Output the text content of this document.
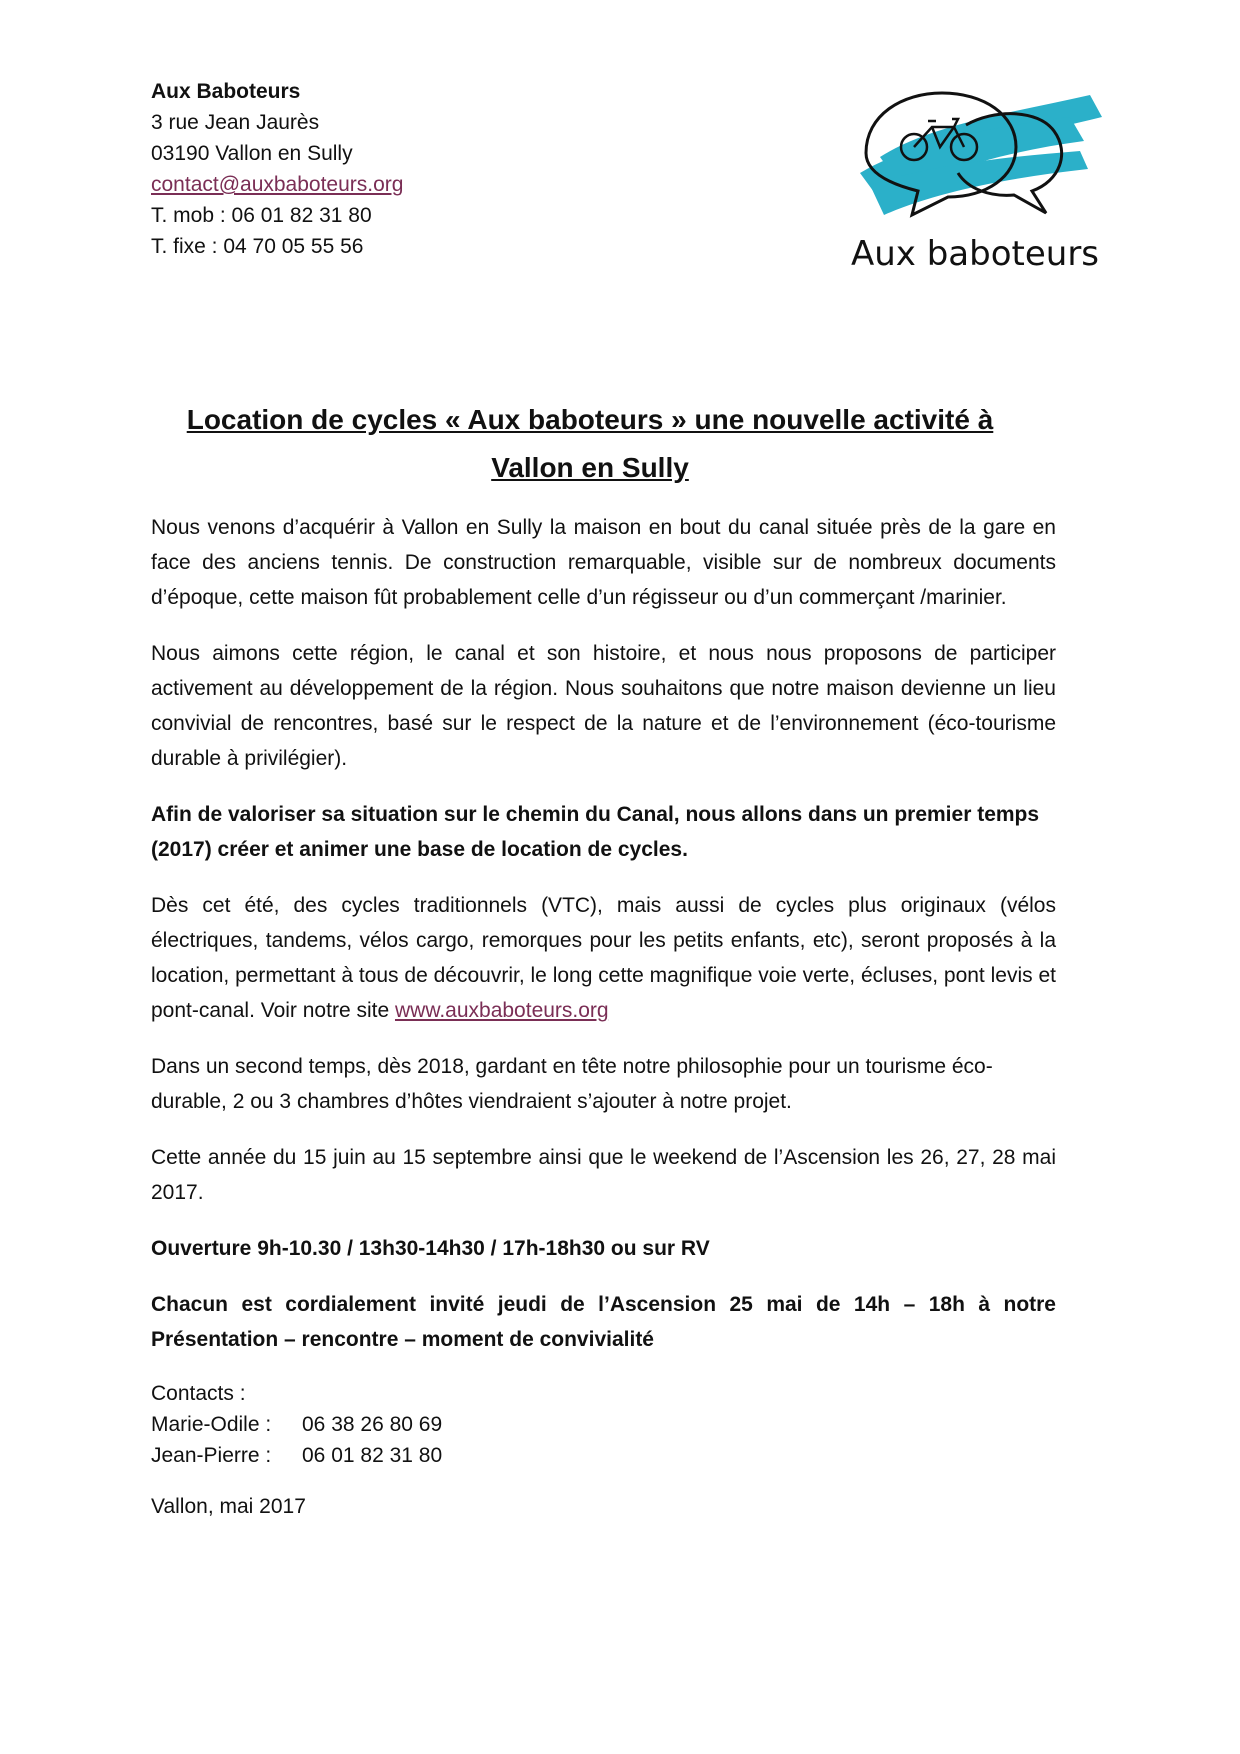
Aux Baboteurs
3 rue Jean Jaurès
03190 Vallon en Sully
contact@auxbaboteurs.org
T. mob : 06 01 82 31 80
T. fixe : 04 70 05 55 56	Aux baboteurs
Location de cycles « Aux baboteurs » une nouvelle activité à
Vallon en Sully

Nous venons d’acquérir à Vallon en Sully la maison en bout du canal située près de la gare en face des anciens tennis. De construction remarquable, visible sur de nombreux documents d’époque, cette maison fût probablement celle d’un régisseur ou d’un commerçant /marinier.

Nous aimons cette région, le canal et son histoire, et nous nous proposons de participer activement au développement de la région. Nous souhaitons que notre maison devienne un lieu convivial de rencontres, basé sur le respect de la nature et de l’environnement (éco-tourisme durable à privilégier).

Afin de valoriser sa situation sur le chemin du Canal, nous allons dans un premier temps (2017) créer et animer une base de location de cycles.

Dès cet été, des cycles traditionnels (VTC), mais aussi de cycles plus originaux (vélos électriques, tandems, vélos cargo, remorques pour les petits enfants, etc), seront proposés à la location, permettant à tous de découvrir, le long cette magnifique voie verte, écluses, pont levis et pont-canal. Voir notre site www.auxbaboteurs.org

Dans un second temps, dès 2018, gardant en tête notre philosophie pour un tourisme éco-durable, 2 ou 3 chambres d’hôtes viendraient s’ajouter à notre projet.

Cette année du 15 juin au 15 septembre ainsi que le weekend de l’Ascension les 26, 27, 28 mai 2017.

Ouverture 9h-10.30 / 13h30-14h30 / 17h-18h30 ou sur RV

Chacun est cordialement invité jeudi de l’Ascension 25 mai de 14h – 18h à notre Présentation – rencontre – moment de convivialité

Contacts :
Marie-Odile :	06 38 26 80 69
Jean-Pierre :	06 01 82 31 80
Vallon, mai 2017
